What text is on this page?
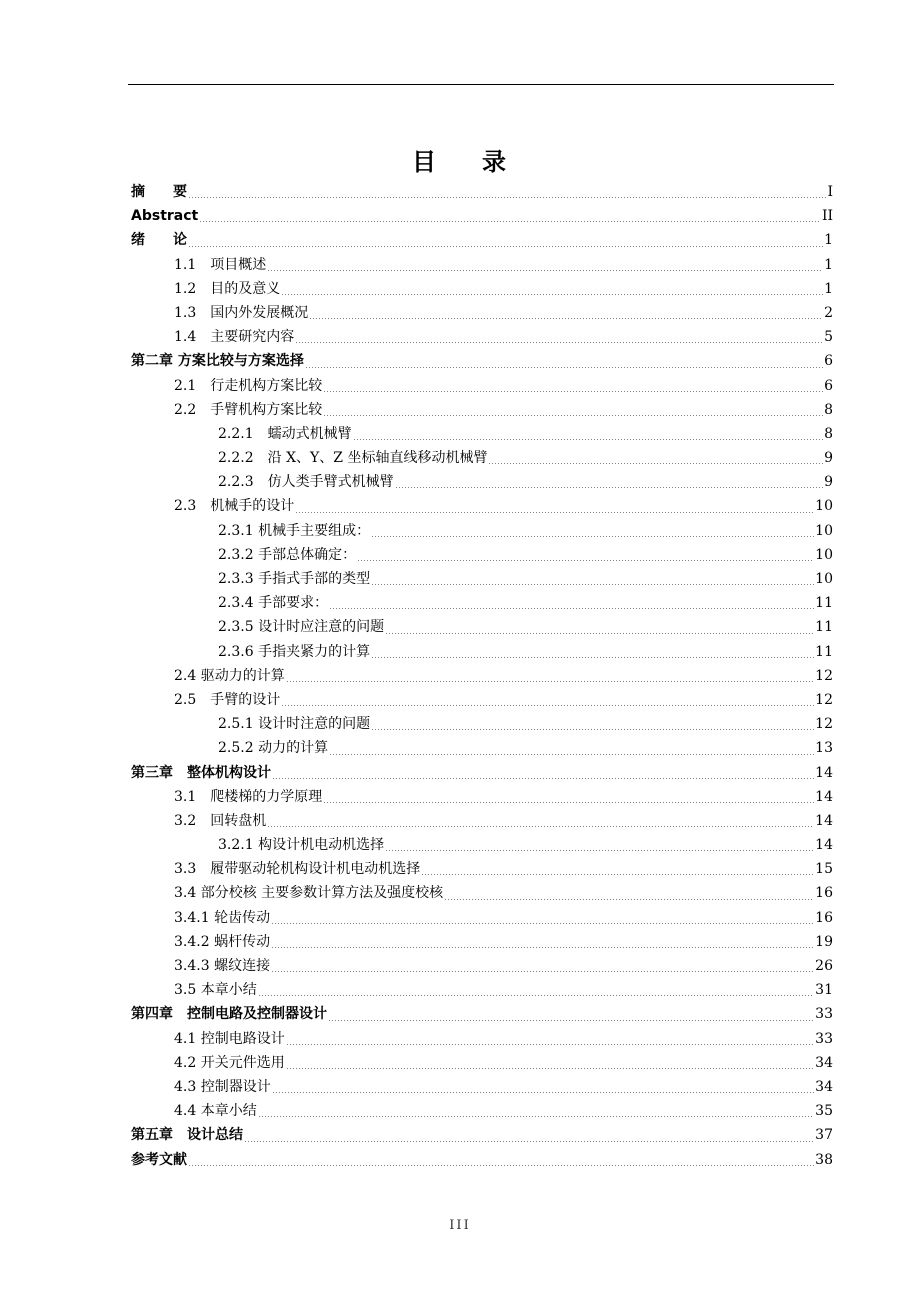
目 录
摘　　要	I
Abstract	II
绪　　论	1
1.1　项目概述	1
1.2　目的及意义	1
1.3　国内外发展概况	2
1.4　主要研究内容	5
第二章 方案比较与方案选择	6
2.1　行走机构方案比较	6
2.2　手臂机构方案比较	8
2.2.1　蠕动式机械臂	8
2.2.2　沿 X、Y、Z 坐标轴直线移动机械臂	9
2.2.3　仿人类手臂式机械臂	9
2.3　机械手的设计	10
2.3.1 机械手主要组成：	10
2.3.2 手部总体确定：	10
2.3.3 手指式手部的类型	10
2.3.4 手部要求：	11
2.3.5 设计时应注意的问题	11
2.3.6 手指夹紧力的计算	11
2.4 驱动力的计算	12
2.5　手臂的设计	12
2.5.1 设计时注意的问题	12
2.5.2 动力的计算	13
第三章　整体机构设计	14
3.1　爬楼梯的力学原理	14
3.2　回转盘机	14
3.2.1 构设计机电动机选择	14
3.3　履带驱动轮机构设计机电动机选择	15
3.4 部分校核 主要参数计算方法及强度校核	16
3.4.1 轮齿传动	16
3.4.2 蜗杆传动	19
3.4.3 螺纹连接	26
3.5 本章小结	31
第四章　控制电路及控制器设计	33
4.1 控制电路设计	33
4.2 开关元件选用	34
4.3 控制器设计	34
4.4 本章小结	35
第五章　设计总结	37
参考文献	38
III
